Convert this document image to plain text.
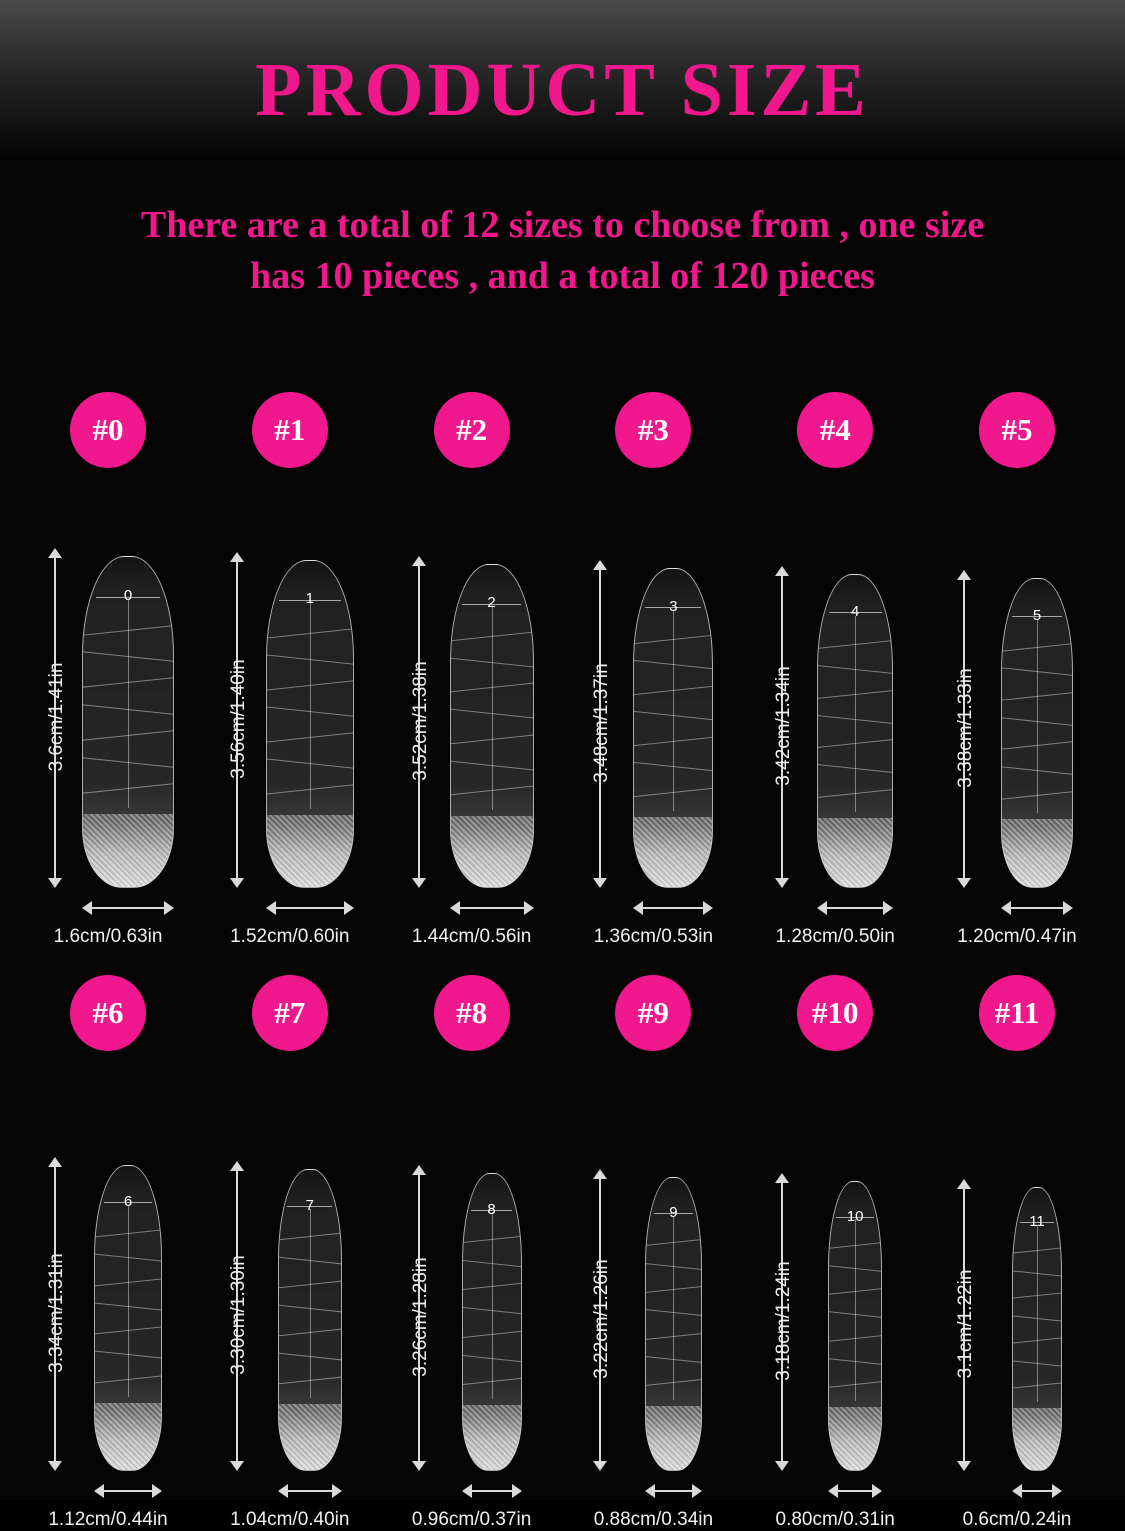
PRODUCT SIZE
There are a total of 12 sizes to choose from , one size
has 10 pieces , and a total of 120 pieces
#0
3.6cm/1.41in
0
1.6cm/0.63in
#1
3.56cm/1.40in
1
1.52cm/0.60in
#2
3.52cm/1.38in
2
1.44cm/0.56in
#3
3.48cm/1.37in
3
1.36cm/0.53in
#4
3.42cm/1.34in
4
1.28cm/0.50in
#5
3.38cm/1.33in
5
1.20cm/0.47in
#6
3.34cm/1.31in
6
1.12cm/0.44in
#7
3.30cm/1.30in
7
1.04cm/0.40in
#8
3.26cm/1.28in
8
0.96cm/0.37in
#9
3.22cm/1.26in
9
0.88cm/0.34in
#10
3.18cm/1.24in
10
0.80cm/0.31in
#11
3.1cm/1.22in
11
0.6cm/0.24in
